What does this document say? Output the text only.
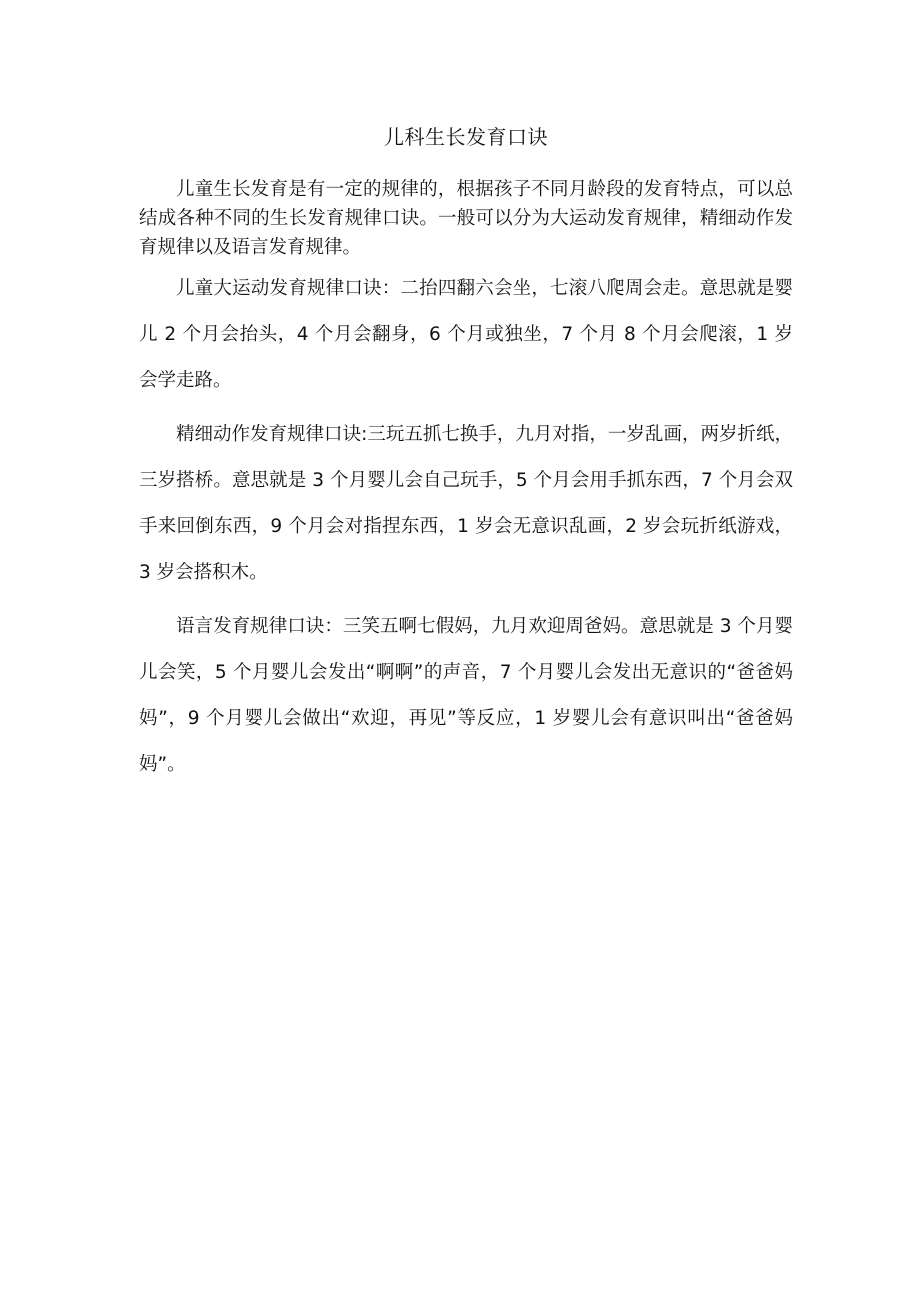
儿科生长发育口诀

儿童生长发育是有一定的规律的，根据孩子不同月龄段的发育特点，可以总结成各种不同的生长发育规律口诀。一般可以分为大运动发育规律，精细动作发育规律以及语言发育规律。

儿童大运动发育规律口诀：二抬四翻六会坐，七滚八爬周会走。意思就是婴儿 2 个月会抬头，4 个月会翻身，6 个月或独坐，7 个月 8 个月会爬滚，1 岁会学走路。

精细动作发育规律口诀:三玩五抓七换手，九月对指，一岁乱画，两岁折纸，三岁搭桥。意思就是 3 个月婴儿会自己玩手，5 个月会用手抓东西，7 个月会双手来回倒东西，9 个月会对指捏东西，1 岁会无意识乱画，2 岁会玩折纸游戏，3 岁会搭积木。

语言发育规律口诀：三笑五啊七假妈，九月欢迎周爸妈。意思就是 3 个月婴儿会笑，5 个月婴儿会发出“啊啊”的声音，7 个月婴儿会发出无意识的“爸爸妈妈”，9 个月婴儿会做出“欢迎，再见”等反应，1 岁婴儿会有意识叫出“爸爸妈妈”。
